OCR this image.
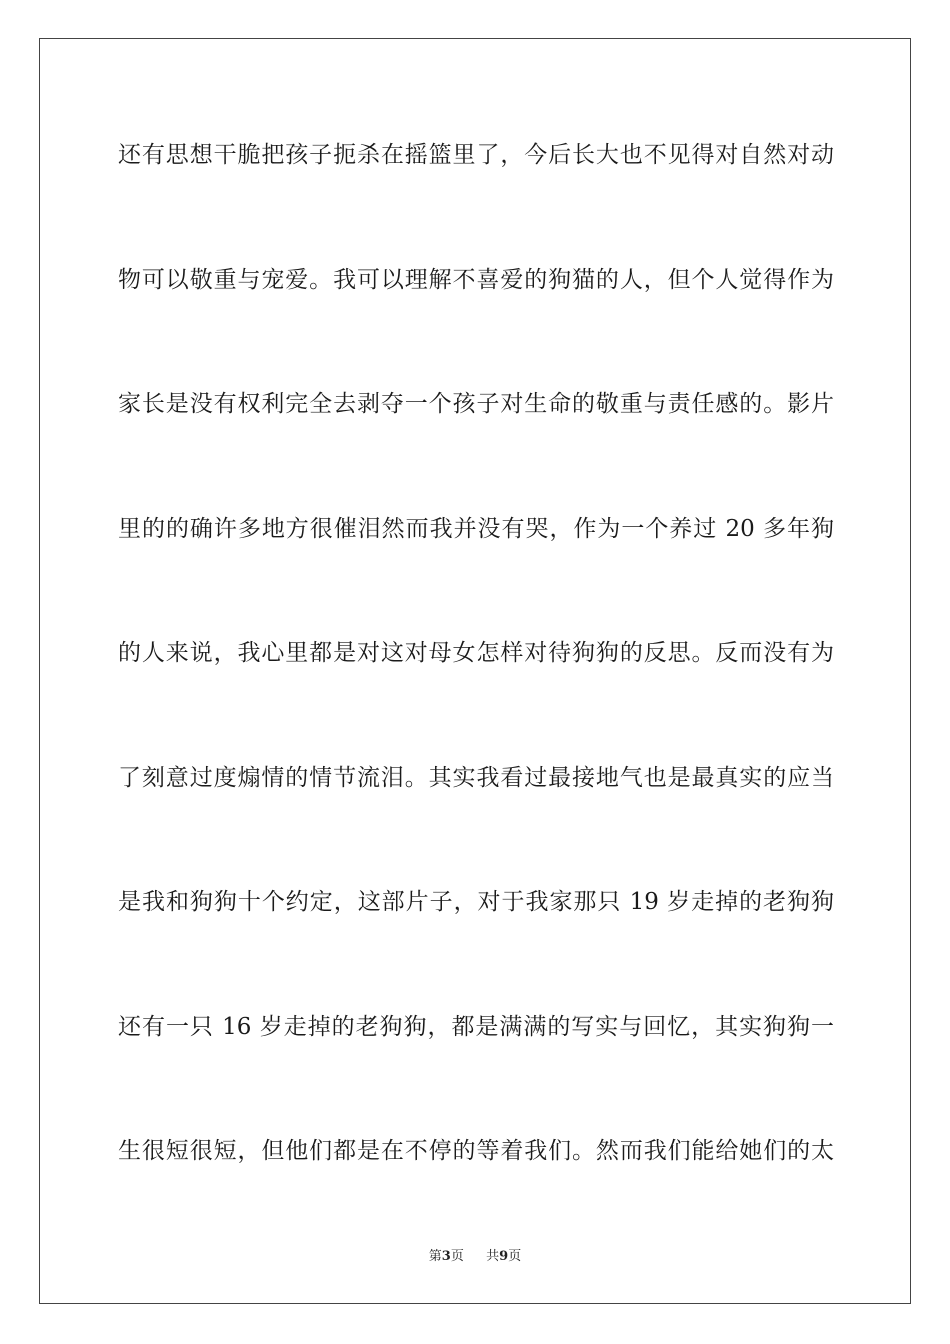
还有思想干脆把孩子扼杀在摇篮里了，今后长大也不见得对自然对动
物可以敬重与宠爱。我可以理解不喜爱的狗猫的人，但个人觉得作为
家长是没有权利完全去剥夺一个孩子对生命的敬重与责任感的。影片
里的的确许多地方很催泪然而我并没有哭，作为一个养过 20 多年狗
的人来说，我心里都是对这对母女怎样对待狗狗的反思。反而没有为
了刻意过度煽情的情节流泪。其实我看过最接地气也是最真实的应当
是我和狗狗十个约定，这部片子，对于我家那只 19 岁走掉的老狗狗
还有一只 16 岁走掉的老狗狗，都是满满的写实与回忆，其实狗狗一
生很短很短，但他们都是在不停的等着我们。然而我们能给她们的太
第3页 共9页
